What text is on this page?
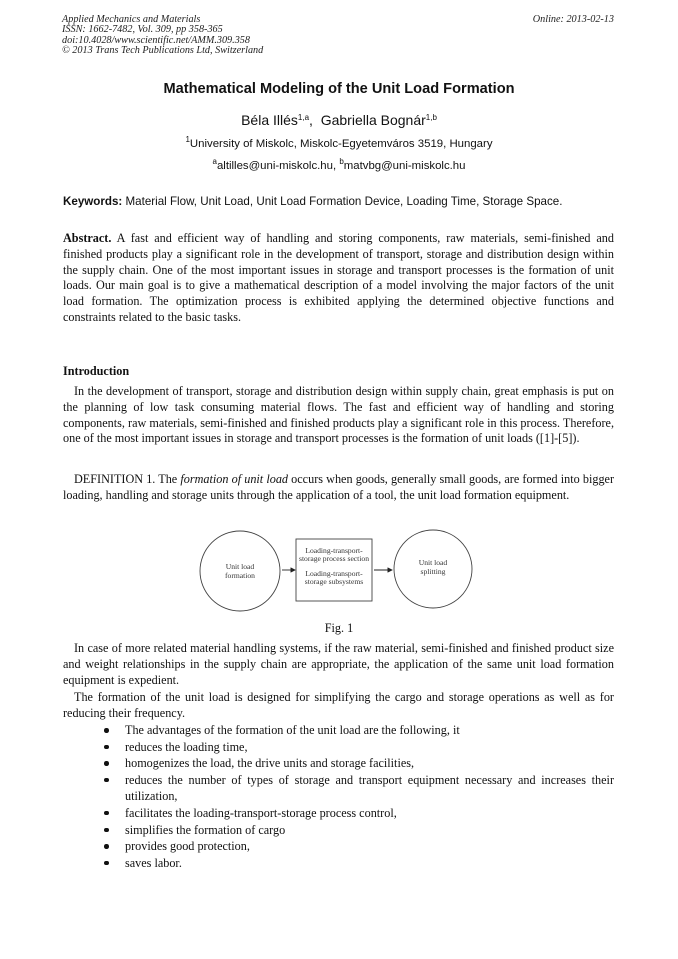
Applied Mechanics and Materials
ISSN: 1662-7482, Vol. 309, pp 358-365
doi:10.4028/www.scientific.net/AMM.309.358
© 2013 Trans Tech Publications Ltd, Switzerland
Online: 2013-02-13
Mathematical Modeling of the Unit Load Formation
Béla Illés$^{1,a}$,  Gabriella Bognár$^{1,b}$
$^1$University of Miskolc, Miskolc-Egyetemváros 3519, Hungary
$^a$altilles@uni-miskolc.hu, $^b$matvbg@uni-miskolc.hu
Keywords: Material Flow, Unit Load, Unit Load Formation Device, Loading Time, Storage Space.
Abstract. A fast and efficient way of handling and storing components, raw materials, semi-finished and finished products play a significant role in the development of transport, storage and distribution design within the supply chain. One of the most important issues in storage and transport processes is the formation of unit loads. Our main goal is to give a mathematical description of a model involving the major factors of the unit load formation. The optimization process is exhibited applying the determined objective functions and constraints related to the basic tasks.
Introduction
In the development of transport, storage and distribution design within supply chain, great emphasis is put on the planning of low task consuming material flows. The fast and efficient way of handling and storing components, raw materials, semi-finished and finished products play a significant role in this process. Therefore, one of the most important issues in storage and transport processes is the formation of unit loads ([1]-[5]).
DEFINITION 1. The formation of unit load occurs when goods, generally small goods, are formed into bigger loading, handling and storage units through the application of a tool, the unit load formation equipment.
Unit load
formation
Loading-transport-
storage process section
Loading-transport-
storage subsystems
Unit load
splitting
Fig. 1
In case of more related material handling systems, if the raw material, semi-finished and finished product size and weight relationships in the supply chain are appropriate, the application of the same unit load formation equipment is expedient.
The formation of the unit load is designed for simplifying the cargo and storage operations as well as for reducing their frequency.
The advantages of the formation of the unit load are the following, it
reduces the loading time,
homogenizes the load, the drive units and storage facilities,
reduces the number of types of storage and transport equipment necessary and increases their utilization,
facilitates the loading-transport-storage process control,
simplifies the formation of cargo
provides good protection,
saves labor.
